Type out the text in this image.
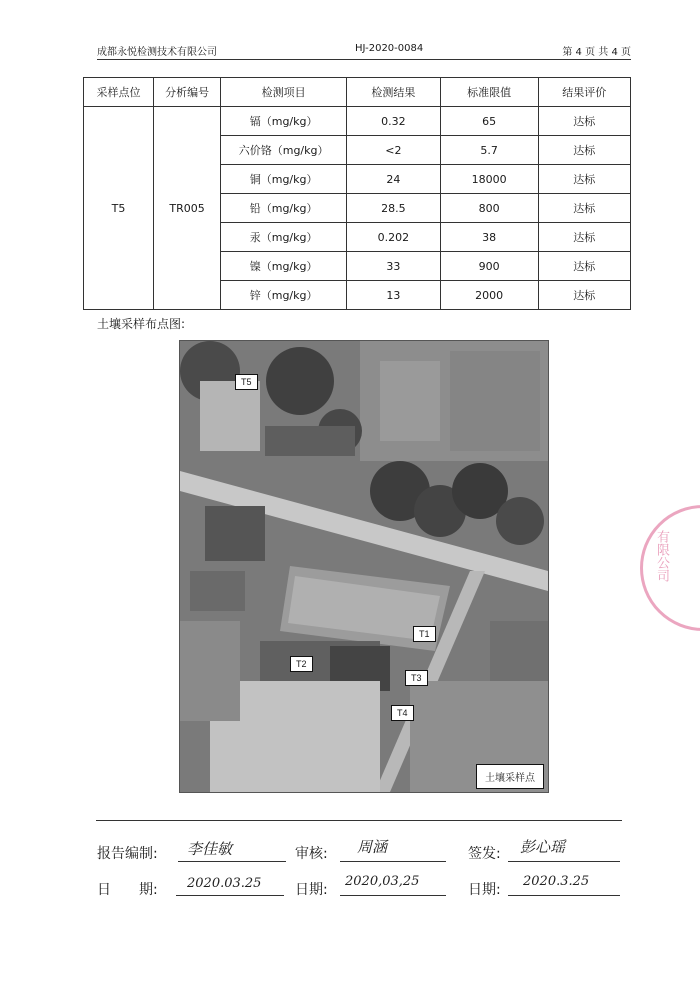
成都永悦检测技术有限公司	HJ-2020-0084	第 4 页 共 4 页
采样点位	分析编号	检测项目	检测结果	标准限值	结果评价
T5	TR005	镉（mg/kg）	0.32	65	达标
		六价铬（mg/kg）	<2	5.7	达标
		铜（mg/kg）	24	18000	达标
		铅（mg/kg）	28.5	800	达标
		汞（mg/kg）	0.202	38	达标
		镍（mg/kg）	33	900	达标
		锌（mg/kg）	13	2000	达标
土壤采样布点图:
T5
T1
T2
T3
T4
土壤采样点
报告编制: 李佳敏	审核: 周涵	签发: 彭心瑶
日　　期: 2020.03.25 日期:
2020,03,25
日期:
2020.3.25
有限公司
